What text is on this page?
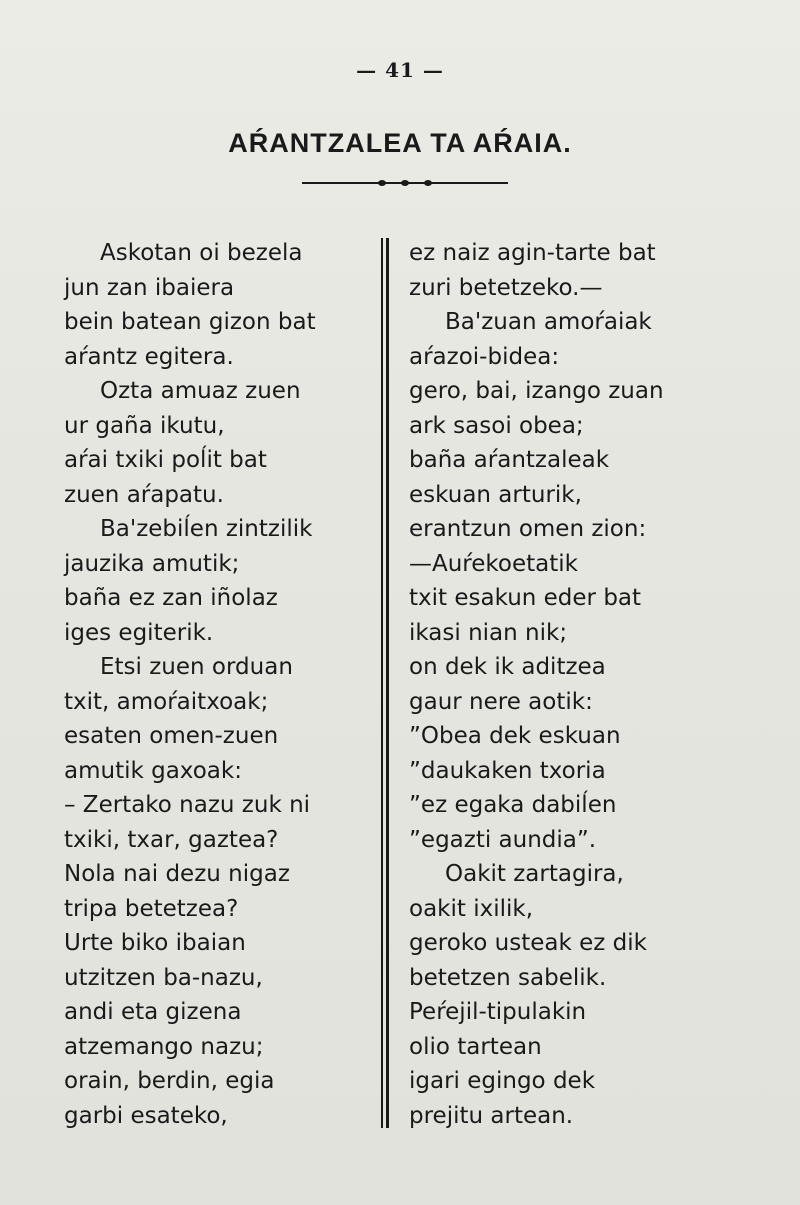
— 41 —
AŔANTZALEA TA AŔAIA.
Askotan oi bezela
jun zan ibaiera
bein batean gizon bat
aŕantz egitera.
Ozta amuaz zuen
ur gaña ikutu,
aŕai txiki poĺit bat
zuen aŕapatu.
Ba'zebiĺen zintzilik
jauzika amutik;
baña ez zan iñolaz
iges egiterik.
Etsi zuen orduan
txit, amoŕaitxoak;
esaten omen-zuen
amutik gaxoak:
– Zertako nazu zuk ni
txiki, txar, gaztea?
Nola nai dezu nigaz
tripa betetzea?
Urte biko ibaian
utzitzen ba-nazu,
andi eta gizena
atzemango nazu;
orain, berdin, egia
garbi esateko,
ez naiz agin-tarte bat
zuri betetzeko.—
Ba'zuan amoŕaiak
aŕazoi-bidea:
gero, bai, izango zuan
ark sasoi obea;
baña aŕantzaleak
eskuan arturik,
erantzun omen zion:
—Auŕekoetatik
txit esakun eder bat
ikasi nian nik;
on dek ik aditzea
gaur nere aotik:
”Obea dek eskuan
”daukaken txoria
”ez egaka dabiĺen
”egazti aundia”.
Oakit zartagira,
oakit ixilik,
geroko usteak ez dik
betetzen sabelik.
Peŕejil-tipulakin
olio tartean
igari egingo dek
prejitu artean.
